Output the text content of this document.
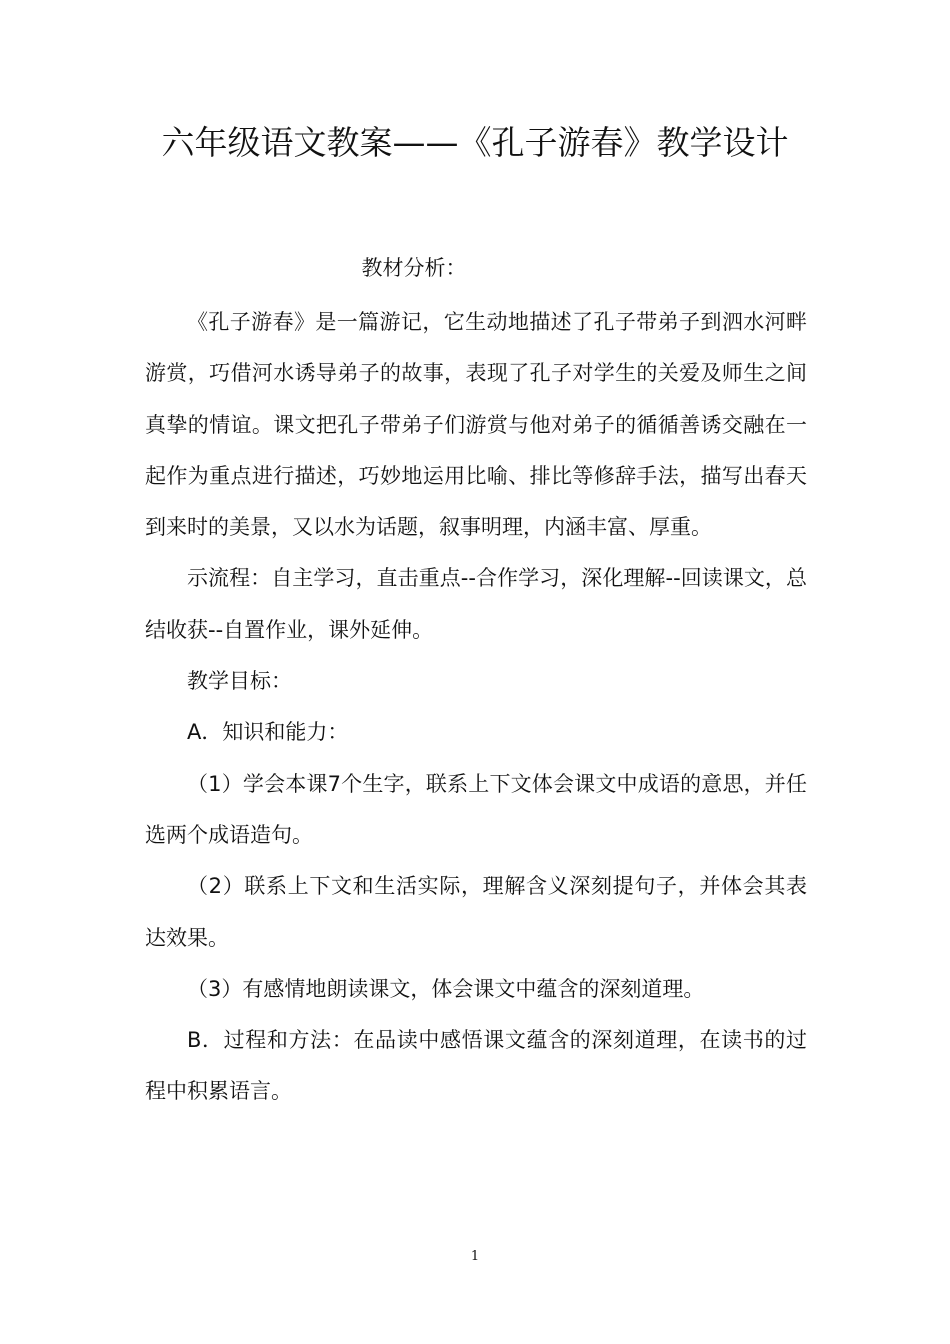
六年级语文教案——《孔子游春》教学设计
教材分析：

《孔子游春》是一篇游记，它生动地描述了孔子带弟子到泗水河畔游赏，巧借河水诱导弟子的故事，表现了孔子对学生的关爱及师生之间真挚的情谊。课文把孔子带弟子们游赏与他对弟子的循循善诱交融在一起作为重点进行描述，巧妙地运用比喻、排比等修辞手法，描写出春天到来时的美景，又以水为话题，叙事明理，内涵丰富、厚重。

示流程：自主学习，直击重点--合作学习，深化理解--回读课文，总结收获--自置作业，课外延伸。

教学目标：

A．知识和能力：

（1）学会本课7个生字，联系上下文体会课文中成语的意思，并任选两个成语造句。

（2）联系上下文和生活实际，理解含义深刻提句子，并体会其表达效果。

（3）有感情地朗读课文，体会课文中蕴含的深刻道理。

B．过程和方法：在品读中感悟课文蕴含的深刻道理，在读书的过程中积累语言。

1
